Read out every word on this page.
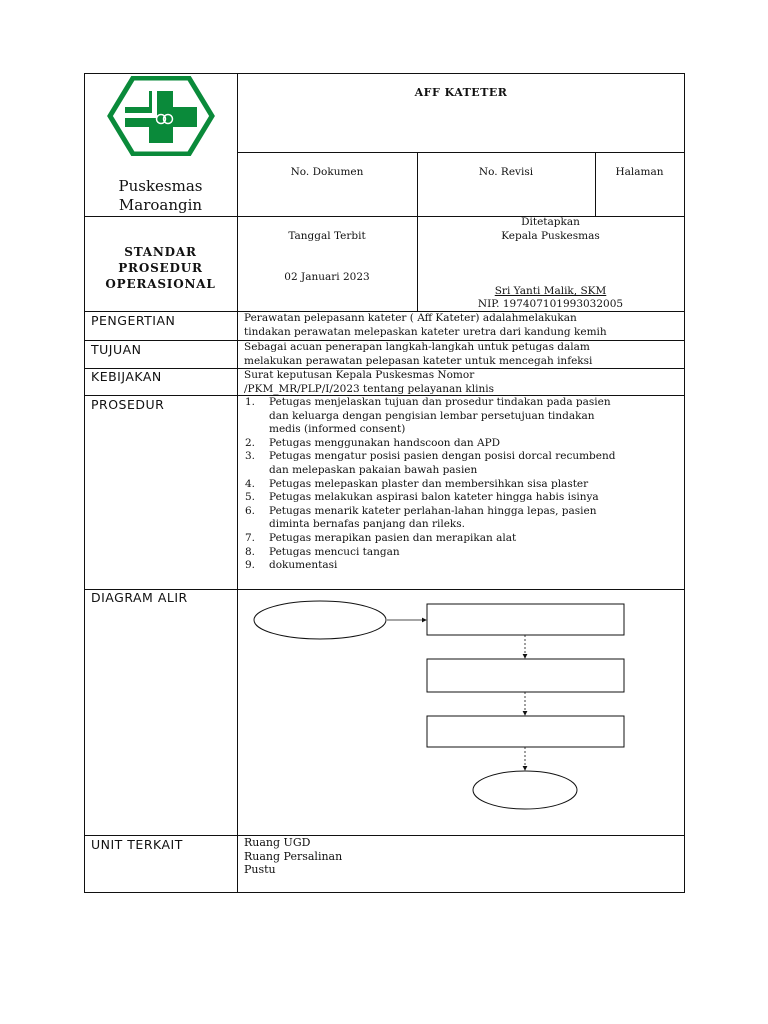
Puskesmas
Maroangin
AFF KATETER
No. Dokumen	No. Revisi	Halaman
STANDAR
PROSEDUR
OPERASIONAL
Tanggal Terbit
02 Januari 2023
Ditetapkan
Kepala Puskesmas
Sri Yanti Malik, SKM
NIP. 197407101993032005
PENGERTIAN
TUJUAN
KEBIJAKAN
PROSEDUR
DIAGRAM ALIR
UNIT TERKAIT
Perawatan pelepasann kateter ( Aff Kateter) adalahmelakukan
tindakan perawatan melepaskan kateter uretra dari kandung kemih
Sebagai acuan penerapan langkah-langkah untuk petugas dalam
melakukan perawatan pelepasan kateter untuk mencegah infeksi
Surat keputusan Kepala Puskesmas Nomor
/PKM_MR/PLP/I/2023 tentang pelayanan klinis
1. Petugas menjelaskan tujuan dan prosedur tindakan pada pasien
dan keluarga dengan pengisian lembar persetujuan tindakan
medis (informed consent)
2. Petugas menggunakan handscoon dan APD
3. Petugas mengatur posisi pasien dengan posisi dorcal recumbend
dan melepaskan pakaian bawah pasien
4. Petugas melepaskan plaster dan membersihkan sisa plaster
5. Petugas melakukan aspirasi balon kateter hingga habis isinya
6. Petugas menarik kateter perlahan-lahan hingga lepas, pasien
diminta bernafas panjang dan rileks.
7. Petugas merapikan pasien dan merapikan alat
8. Petugas mencuci tangan
9. dokumentasi
Ruang UGD
Ruang Persalinan
Pustu
